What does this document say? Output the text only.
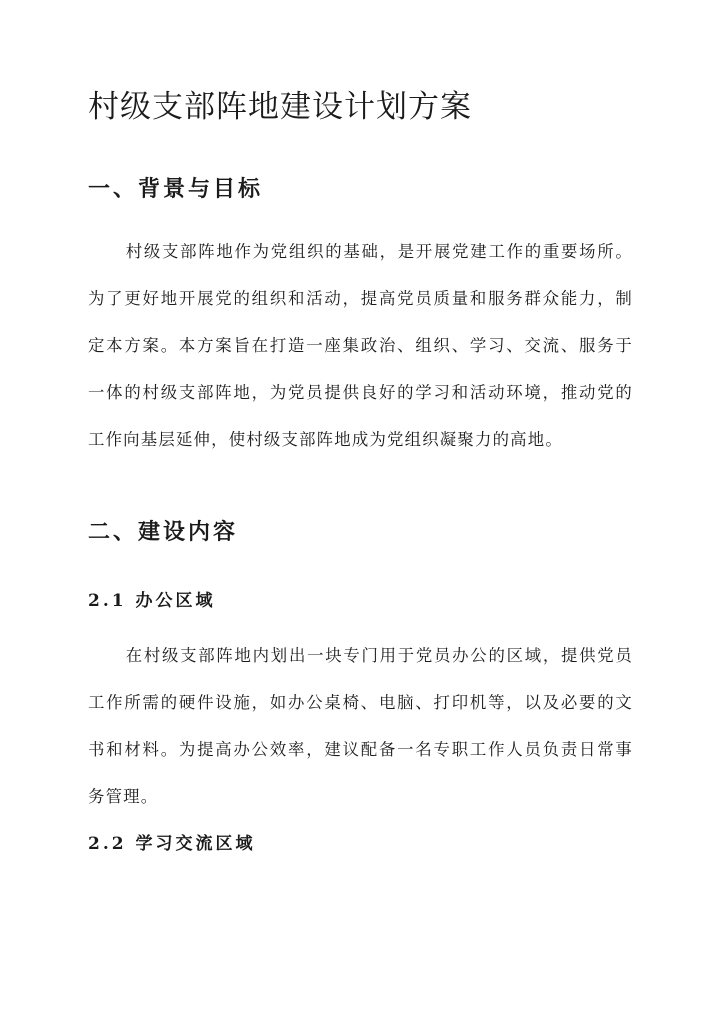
村级支部阵地建设计划方案
一、背景与目标

村级支部阵地作为党组织的基础，是开展党建工作的重要场所。为了更好地开展党的组织和活动，提高党员质量和服务群众能力，制定本方案。本方案旨在打造一座集政治、组织、学习、交流、服务于一体的村级支部阵地，为党员提供良好的学习和活动环境，推动党的工作向基层延伸，使村级支部阵地成为党组织凝聚力的高地。

二、建设内容
2.1 办公区域

在村级支部阵地内划出一块专门用于党员办公的区域，提供党员工作所需的硬件设施，如办公桌椅、电脑、打印机等，以及必要的文书和材料。为提高办公效率，建议配备一名专职工作人员负责日常事务管理。

2.2 学习交流区域
